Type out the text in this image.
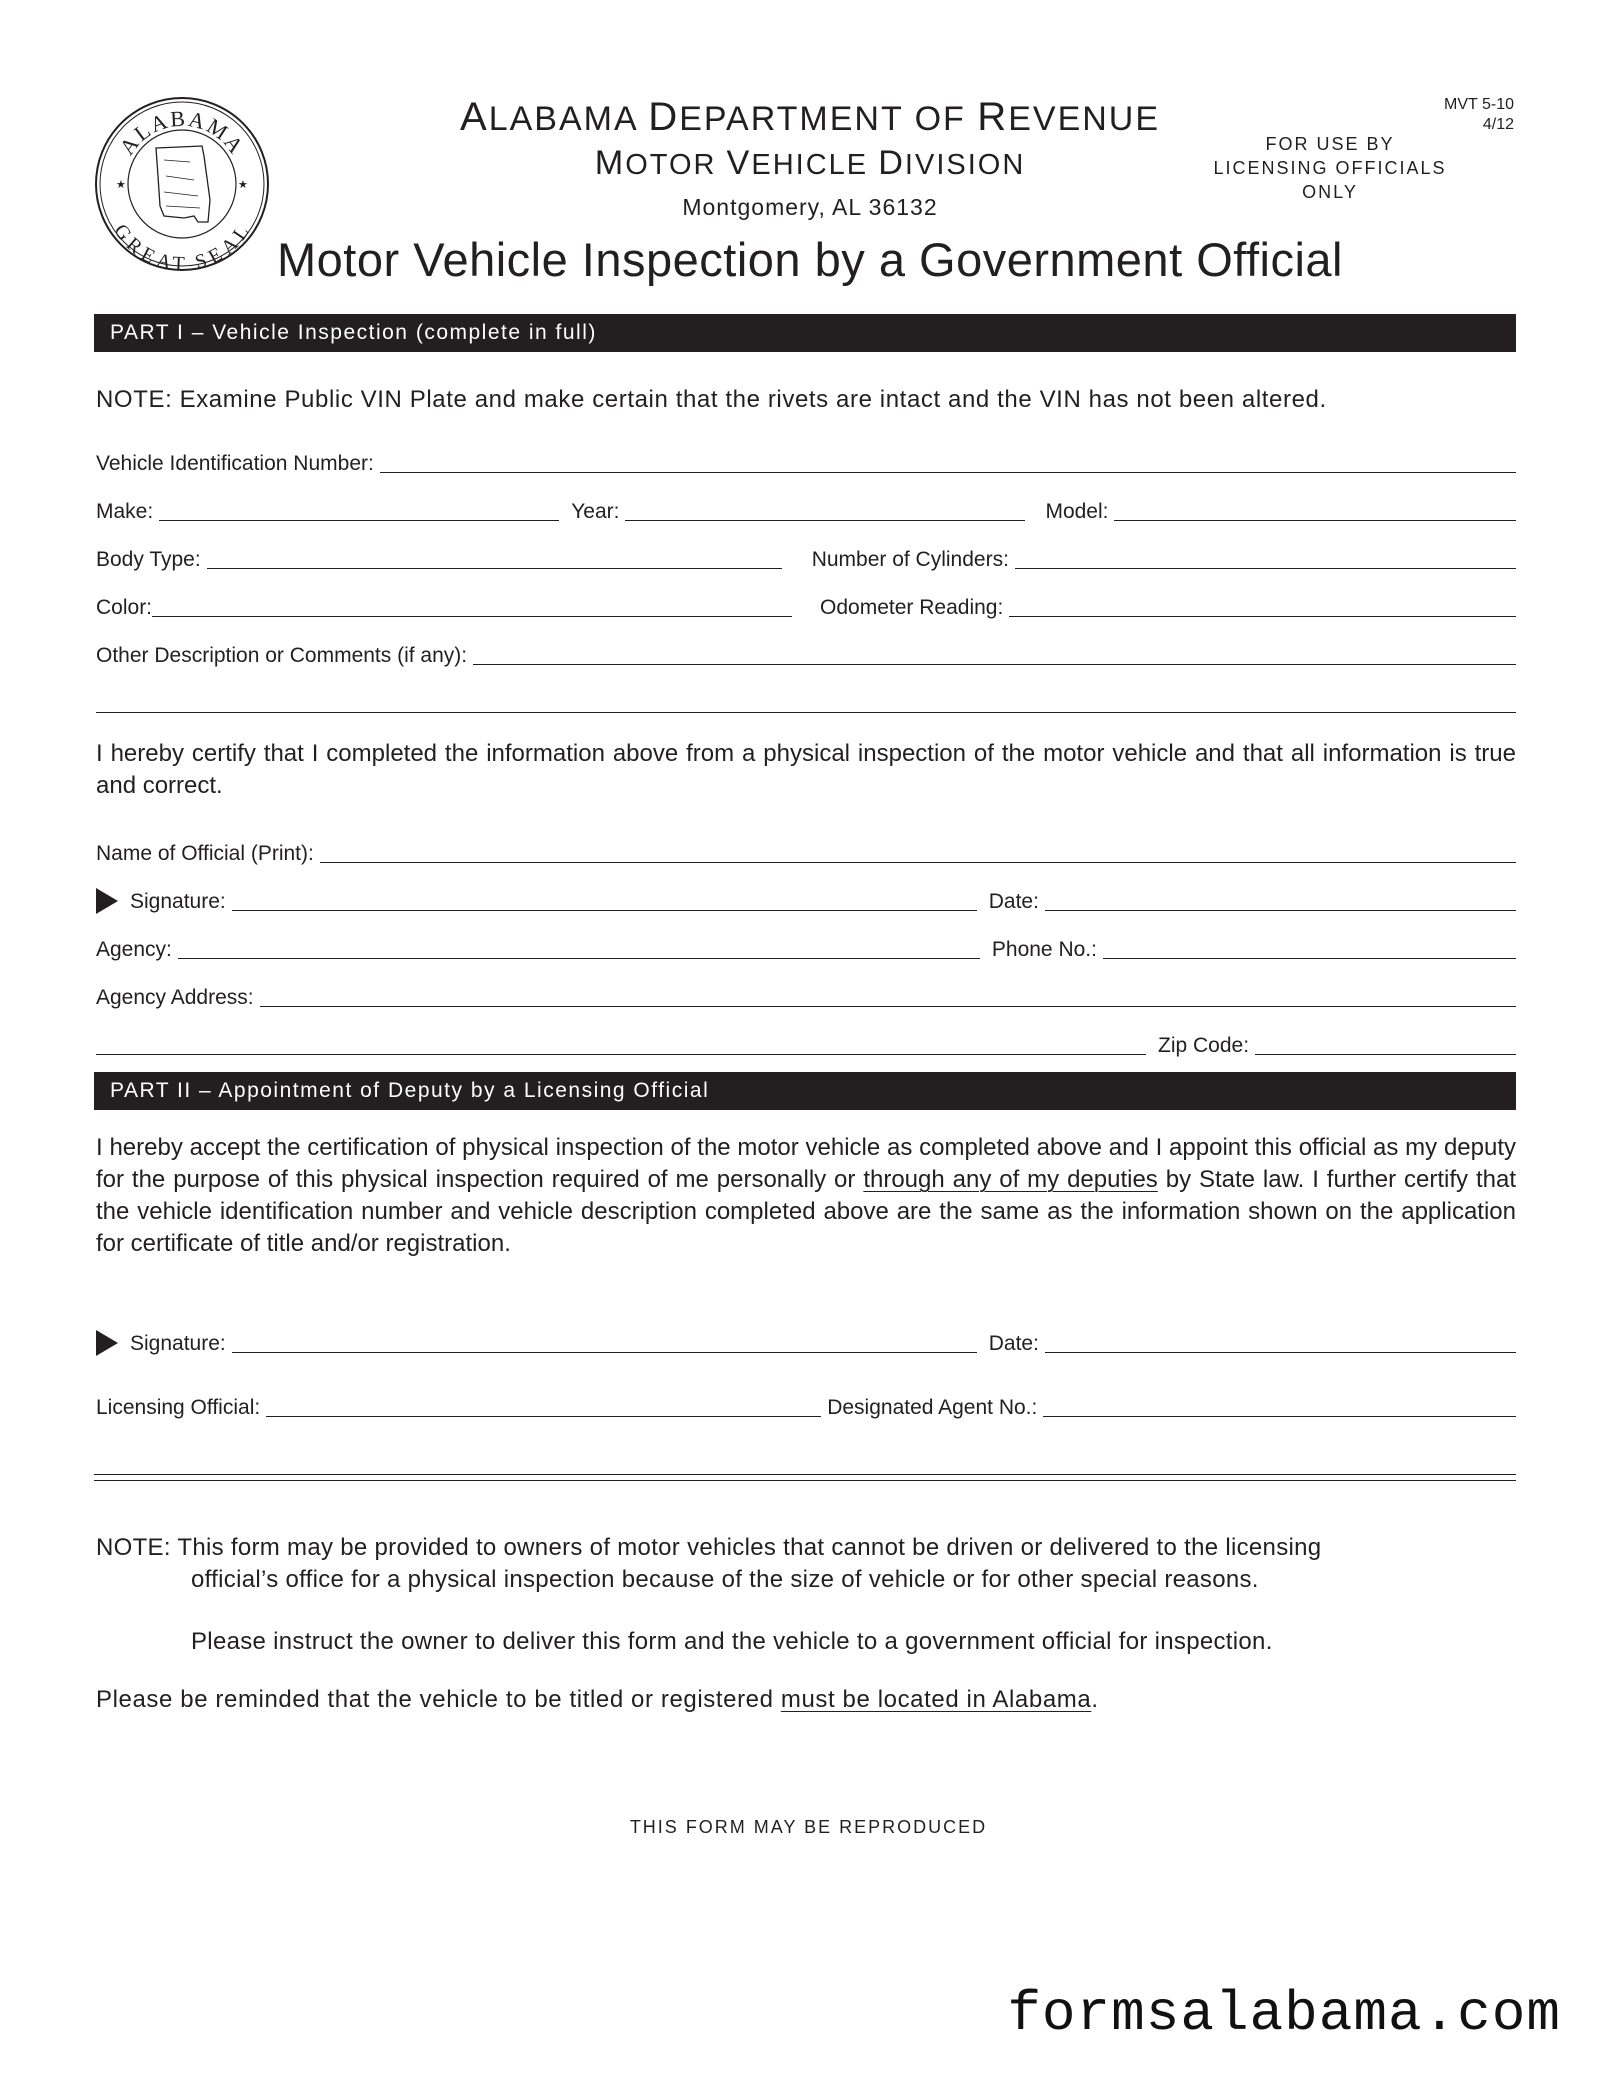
ALABAMA
GREAT SEAL
★	★
ALABAMA DEPARTMENT OF REVENUE
MOTOR VEHICLE DIVISION
Montgomery, AL 36132
MVT 5-10
4/12
FOR USE BY
LICENSING OFFICIALS
ONLY
Motor Vehicle Inspection by a Government Official
PART I – Vehicle Inspection (complete in full)
NOTE: Examine Public VIN Plate and make certain that the rivets are intact and the VIN has not been altered.
Vehicle Identification Number:
Make:	Year:	Model:
Body Type:	Number of Cylinders:
Color:	Odometer Reading:
Other Description or Comments (if any):
I hereby certify that I completed the information above from a physical inspection of the motor vehicle and that all information is true and correct.
Name of Official (Print):
Signature:	Date:
Agency:	Phone No.:
Agency Address:
Zip Code:
PART II – Appointment of Deputy by a Licensing Official
I hereby accept the certification of physical inspection of the motor vehicle as completed above and I appoint this official as my deputy for the purpose of this physical inspection required of me personally or through any of my deputies by State law. I further certify that the vehicle identification number and vehicle description completed above are the same as the information shown on the application for certificate of title and/or registration.
Signature:	Date:
Licensing Official:	Designated Agent No.:
NOTE: This form may be provided to owners of motor vehicles that cannot be driven or delivered to the licensing
official’s office for a physical inspection because of the size of vehicle or for other special reasons.
Please instruct the owner to deliver this form and the vehicle to a government official for inspection.
Please be reminded that the vehicle to be titled or registered must be located in Alabama.
THIS FORM MAY BE REPRODUCED
formsalabama.com
